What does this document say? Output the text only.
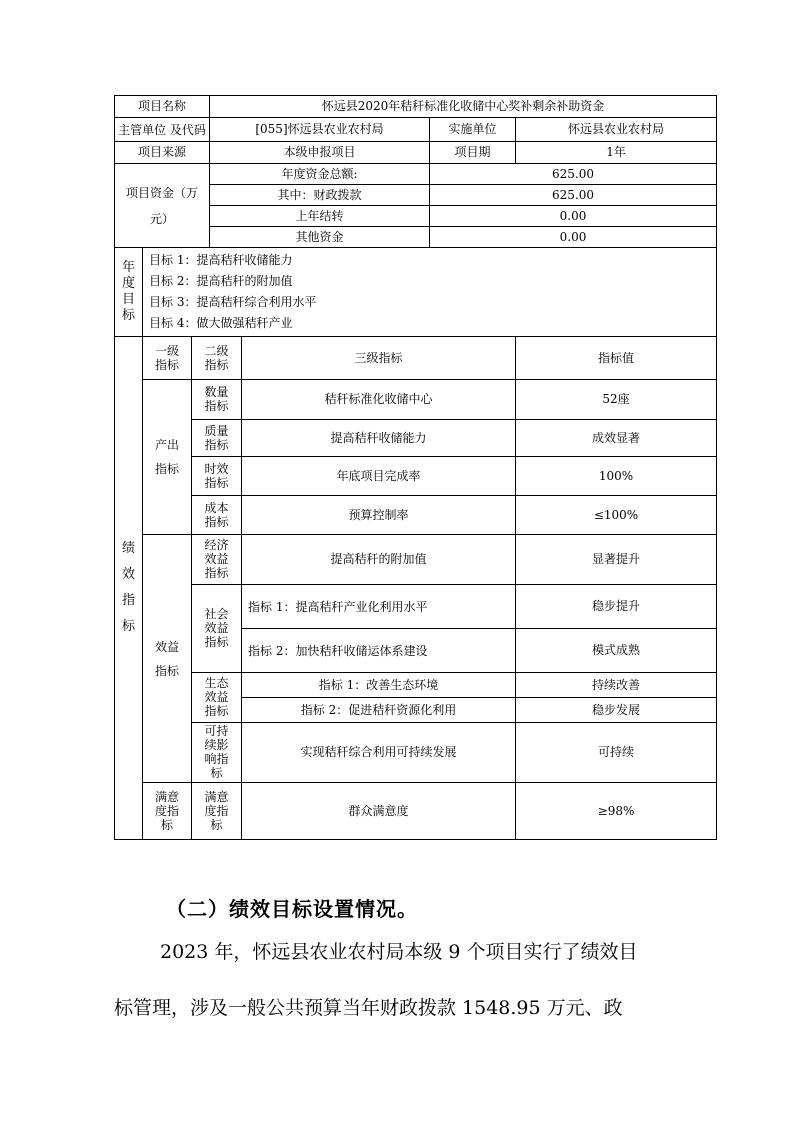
项目名称			怀远县2020年秸秆标准化收储中心奖补剩余补助资金			
主管单位 及代码			[055]怀远县农业农村局		实施单位	怀远县农业农村局
项目来源			本级申报项目		项目期	1年
项目资金（万元）			年度资金总额:		625.00	
			其中：财政拨款		625.00	
			上年结转		0.00	
			其他资金		0.00	
年度目标	目标 1：提高秸秆收储能力
目标 2：提高秸秆的附加值
目标 3：提高秸秆综合利用水平
目标 4：做大做强秸秆产业					

绩效指标	一级指标	二级指标		三级指标		指标值
	产出指标	数量指标		秸秆标准化收储中心		52座
		质量指标		提高秸秆收储能力		成效显著
		时效指标		年底项目完成率		100%
		成本指标		预算控制率		≤100%
	效益指标	经济效益指标		提高秸秆的附加值		显著提升
		社会效益指标		指标 1：提高秸秆产业化利用水平		稳步提升
				指标 2：加快秸秆收储运体系建设		模式成熟
		生态效益指标		指标 1：改善生态环境		持续改善
				指标 2：促进秸秆资源化利用		稳步发展
		可持续影响指标		实现秸秆综合利用可持续发展		可持续

	满意度指标	满意度指标		群众满意度		≥98%
（二）绩效目标设置情况。
2023 年，怀远县农业农村局本级 9 个项目实行了绩效目
标管理，涉及一般公共预算当年财政拨款 1548.95 万元、政
